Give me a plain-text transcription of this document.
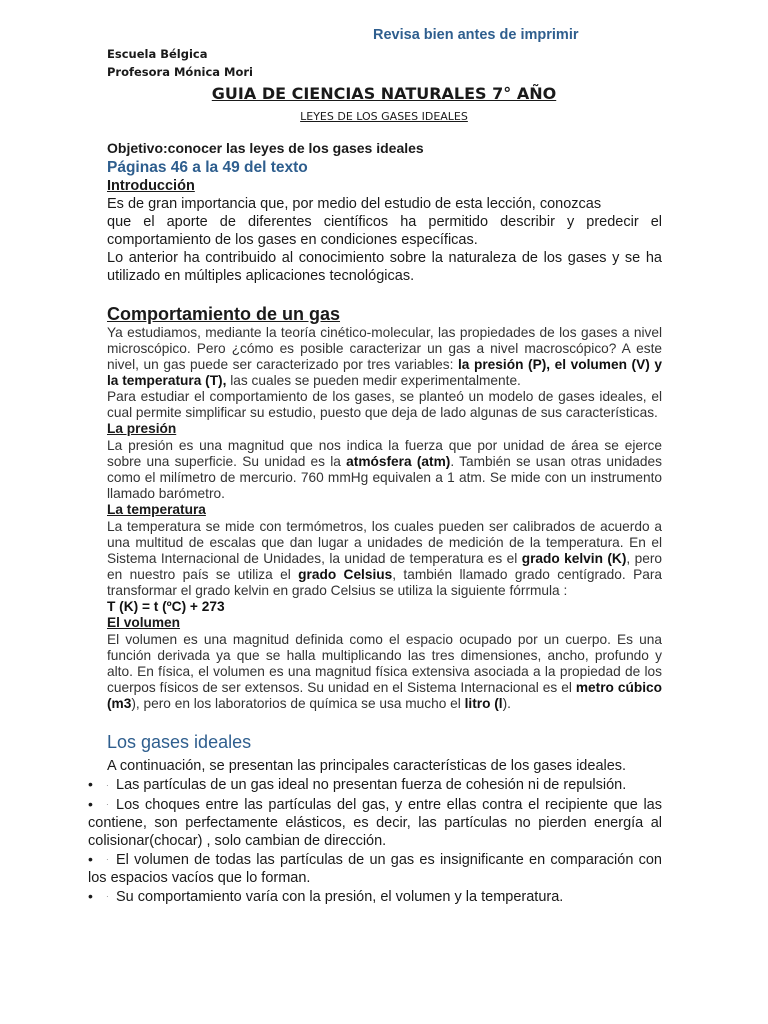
Revisa bien antes de imprimir
Escuela Bélgica
Profesora Mónica Mori
GUIA DE CIENCIAS NATURALES 7° AÑO
LEYES DE LOS GASES IDEALES
Objetivo:conocer las leyes de los gases ideales
Páginas 46 a la 49 del texto
Introducción

Es de gran importancia que, por medio del estudio de esta lección, conozcas

que el aporte de diferentes científicos ha permitido describir y predecir el comportamiento de los gases en condiciones específicas.

Lo anterior ha contribuido al conocimiento sobre la naturaleza de los gases y se ha utilizado en múltiples aplicaciones tecnológicas.

Comportamiento de un gas

Ya estudiamos, mediante la teoría cinético-molecular, las propiedades de los gases a nivel microscópico. Pero ¿cómo es posible caracterizar un gas a nivel macroscópico? A este nivel, un gas puede ser caracterizado por tres variables: la presión (P), el volumen (V) y la temperatura (T), las cuales se pueden medir experimentalmente.

Para estudiar el comportamiento de los gases, se planteó un modelo de gases ideales, el cual permite simplificar su estudio, puesto que deja de lado algunas de sus características.

La presión

La presión es una magnitud que nos indica la fuerza que por unidad de área se ejerce sobre una superficie. Su unidad es la atmósfera (atm). También se usan otras unidades como el milímetro de mercurio. 760 mmHg equivalen a 1 atm. Se mide con un instrumento llamado barómetro.

La temperatura

La temperatura se mide con termómetros, los cuales pueden ser calibrados de acuerdo a una multitud de escalas que dan lugar a unidades de medición de la temperatura. En el Sistema Internacional de Unidades, la unidad de temperatura es el grado kelvin (K), pero en nuestro país se utiliza el grado Celsius, también llamado grado centígrado. Para transformar el grado kelvin en grado Celsius se utiliza la siguiente fórrmula :

T (K) = t (ºC) + 273
El volumen

El volumen es una magnitud definida como el espacio ocupado por un cuerpo. Es una función derivada ya que se halla multiplicando las tres dimensiones, ancho, profundo y alto. En física, el volumen es una magnitud física extensiva asociada a la propiedad de los cuerpos físicos de ser extensos. Su unidad en el Sistema Internacional es el metro cúbico (m3), pero en los laboratorios de química se usa mucho el litro (l).

Los gases ideales
A continuación, se presentan las principales características de los gases ideales.
• · Las partículas de un gas ideal no presentan fuerza de cohesión ni de repulsión.
• · Los choques entre las partículas del gas, y entre ellas contra el recipiente que las contiene, son perfectamente elásticos, es decir, las partículas no pierden energía al colisionar(chocar) , solo cambian de dirección.
• · El volumen de todas las partículas de un gas es insignificante en comparación con los espacios vacíos que lo forman.
• · Su comportamiento varía con la presión, el volumen y la temperatura.
